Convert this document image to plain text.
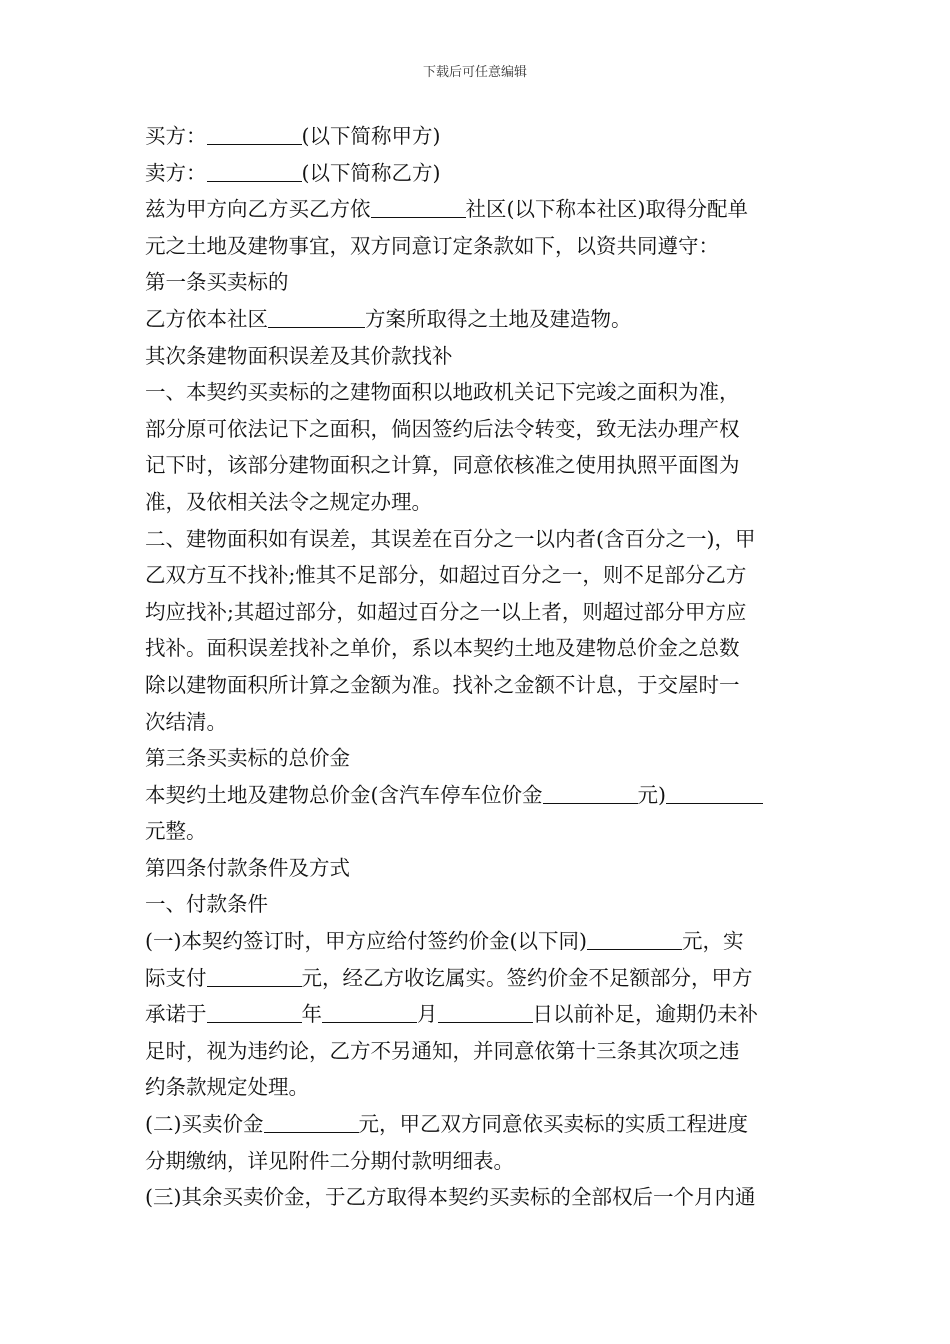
下载后可任意编辑
买方：	(以下简称甲方)
卖方：	(以下简称乙方)
兹为甲方向乙方买乙方依	社区(以下称本社区)取得分配单
元之土地及建物事宜，双方同意订定条款如下，以资共同遵守：
第一条买卖标的
乙方依本社区	方案所取得之土地及建造物。
其次条建物面积误差及其价款找补
一、本契约买卖标的之建物面积以地政机关记下完竣之面积为准，
部分原可依法记下之面积，倘因签约后法令转变，致无法办理产权
记下时，该部分建物面积之计算，同意依核准之使用执照平面图为
准，及依相关法令之规定办理。
二、建物面积如有误差，其误差在百分之一以内者(含百分之一)，甲
乙双方互不找补;惟其不足部分，如超过百分之一，则不足部分乙方
均应找补;其超过部分，如超过百分之一以上者，则超过部分甲方应
找补。面积误差找补之单价，系以本契约土地及建物总价金之总数
除以建物面积所计算之金额为准。找补之金额不计息，于交屋时一
次结清。
第三条买卖标的总价金
本契约土地及建物总价金(含汽车停车位价金	元)
元整。
第四条付款条件及方式
一、付款条件
(一)本契约签订时，甲方应给付签约价金(以下同)	元，实
际支付	元，经乙方收讫属实。签约价金不足额部分，甲方
承诺于	年	月	日以前补足，逾期仍未补
足时，视为违约论，乙方不另通知，并同意依第十三条其次项之违
约条款规定处理。
(二)买卖价金	元，甲乙双方同意依买卖标的实质工程进度
分期缴纳，详见附件二分期付款明细表。
(三)其余买卖价金，于乙方取得本契约买卖标的全部权后一个月内通
